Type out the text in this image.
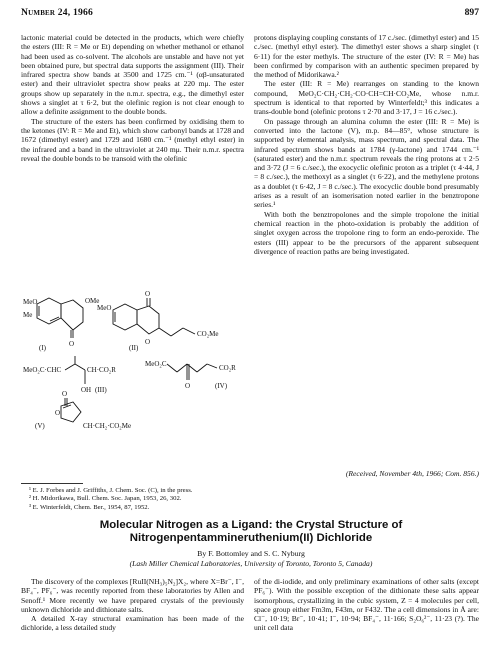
Number 24, 1966	897

lactonic material could be detected in the products, which were chiefly the esters (III: R = Me or Et) depending on whether methanol or ethanol had been used as co-solvent. The alcohols are unstable and have not yet been obtained pure, but spectral data supports the assignment (III). Their infrared spectra show bands at 3500 and 1725 cm.⁻¹ (αβ-unsaturated ester) and their ultraviolet spectra show peaks at 220 mμ. The ester groups show up separately in the n.m.r. spectra, e.g., the dimethyl ester shows a singlet at τ 6·2, but the olefinic region is not clear enough to allow a definite assignment to the double bonds.

The structure of the esters has been confirmed by oxidising them to the ketones (IV: R = Me and Et), which show carbonyl bands at 1728 and 1672 (dimethyl ester) and 1729 and 1680 cm.⁻¹ (methyl ethyl ester) in the infrared and a band in the ultraviolet at 240 mμ. Their n.m.r. spectra reveal the double bonds to be transoid with the olefinic

protons displaying coupling constants of 17 c./sec. (dimethyl ester) and 15 c./sec. (methyl ethyl ester). The dimethyl ester shows a sharp singlet (τ 6·11) for the ester methyls. The structure of the ester (IV: R = Me) has been confirmed by comparison with an authentic specimen prepared by the method of Midorikawa.²

The ester (III: R = Me) rearranges on standing to the known compound, MeO₂C·CH₂·CH₂·CO·CH=CH·CO₂Me, whose n.m.r. spectrum is identical to that reported by Winterfeldt;³ this indicates a trans-double bond (olefinic protons τ 2·70 and 3·17, J = 16 c./sec.).

On passage through an alumina column the ester (III: R = Me) is converted into the lactone (V), m.p. 84—85°, whose structure is supported by elemental analysis, mass spectrum, and spectral data. The infrared spectrum shows bands at 1784 (γ-lactone) and 1744 cm.⁻¹ (saturated ester) and the n.m.r. spectrum reveals the ring protons at τ 2·5 and 3·72 (J = 6 c./sec.), the exocyclic olefinic proton as a triplet (τ 4·44, J = 8 c./sec.), the methoxyl as a singlet (τ 6·22), and the methylene protons as a doublet (τ 6·42, J = 8 c./sec.). The exocyclic double bond presumably arises as a result of an isomerisation noted earlier in the benztropone series.¹

With both the benztropolones and the simple tropolone the initial chemical reaction in the photo-oxidation is probably the addition of singlet oxygen across the tropolone ring to form an endo-peroxide. The esters (III) appear to be the precursors of the apparent subsequent divergence of reaction paths are being investigated.

MeO
Me
OMe
O
(I)
MeO
O
O
CO₂Me
(II)
MeO₂C·CHC	CH·CO₂R
OH (III)
MeO₂C	CO₂R
O	(IV)
O
O
CH·CH₂·CO₂Me
(V)
(Received, November 4th, 1966; Com. 856.)
¹ E. J. Forbes and J. Griffiths, J. Chem. Soc. (C), in the press.
² H. Midorikawa, Bull. Chem. Soc. Japan, 1953, 26, 302.
³ E. Winterfeldt, Chem. Ber., 1954, 87, 1952.
Molecular Nitrogen as a Ligand: the Crystal Structure of
Nitrogenpentammineruthenium(II) Dichloride
By F. Bottomley and S. C. Nyburg
(Lash Miller Chemical Laboratories, University of Toronto, Toronto 5, Canada)

The discovery of the complexes [RuII(NH₃)₅N₂]X₂, where X=Br⁻, I⁻, BF₄⁻, PF₆⁻, was recently reported from these laboratories by Allen and Senoff.¹ More recently we have prepared crystals of the previously unknown dichloride and dithionate salts.

A detailed X-ray structural examination has been made of the dichloride, a less detailed study

of the di-iodide, and only preliminary examinations of other salts (except PF₆⁻). With the possible exception of the dithionate these salts appear isomorphous, crystallizing in the cubic system, Z = 4 molecules per cell, space group either Fm3m, F43m, or F432. The a cell dimensions in Å are: Cl⁻, 10·19; Br⁻, 10·41; I⁻, 10·94; BF₄⁻, 11·166; S₂O₆²⁻, 11·23 (?). The unit cell data
